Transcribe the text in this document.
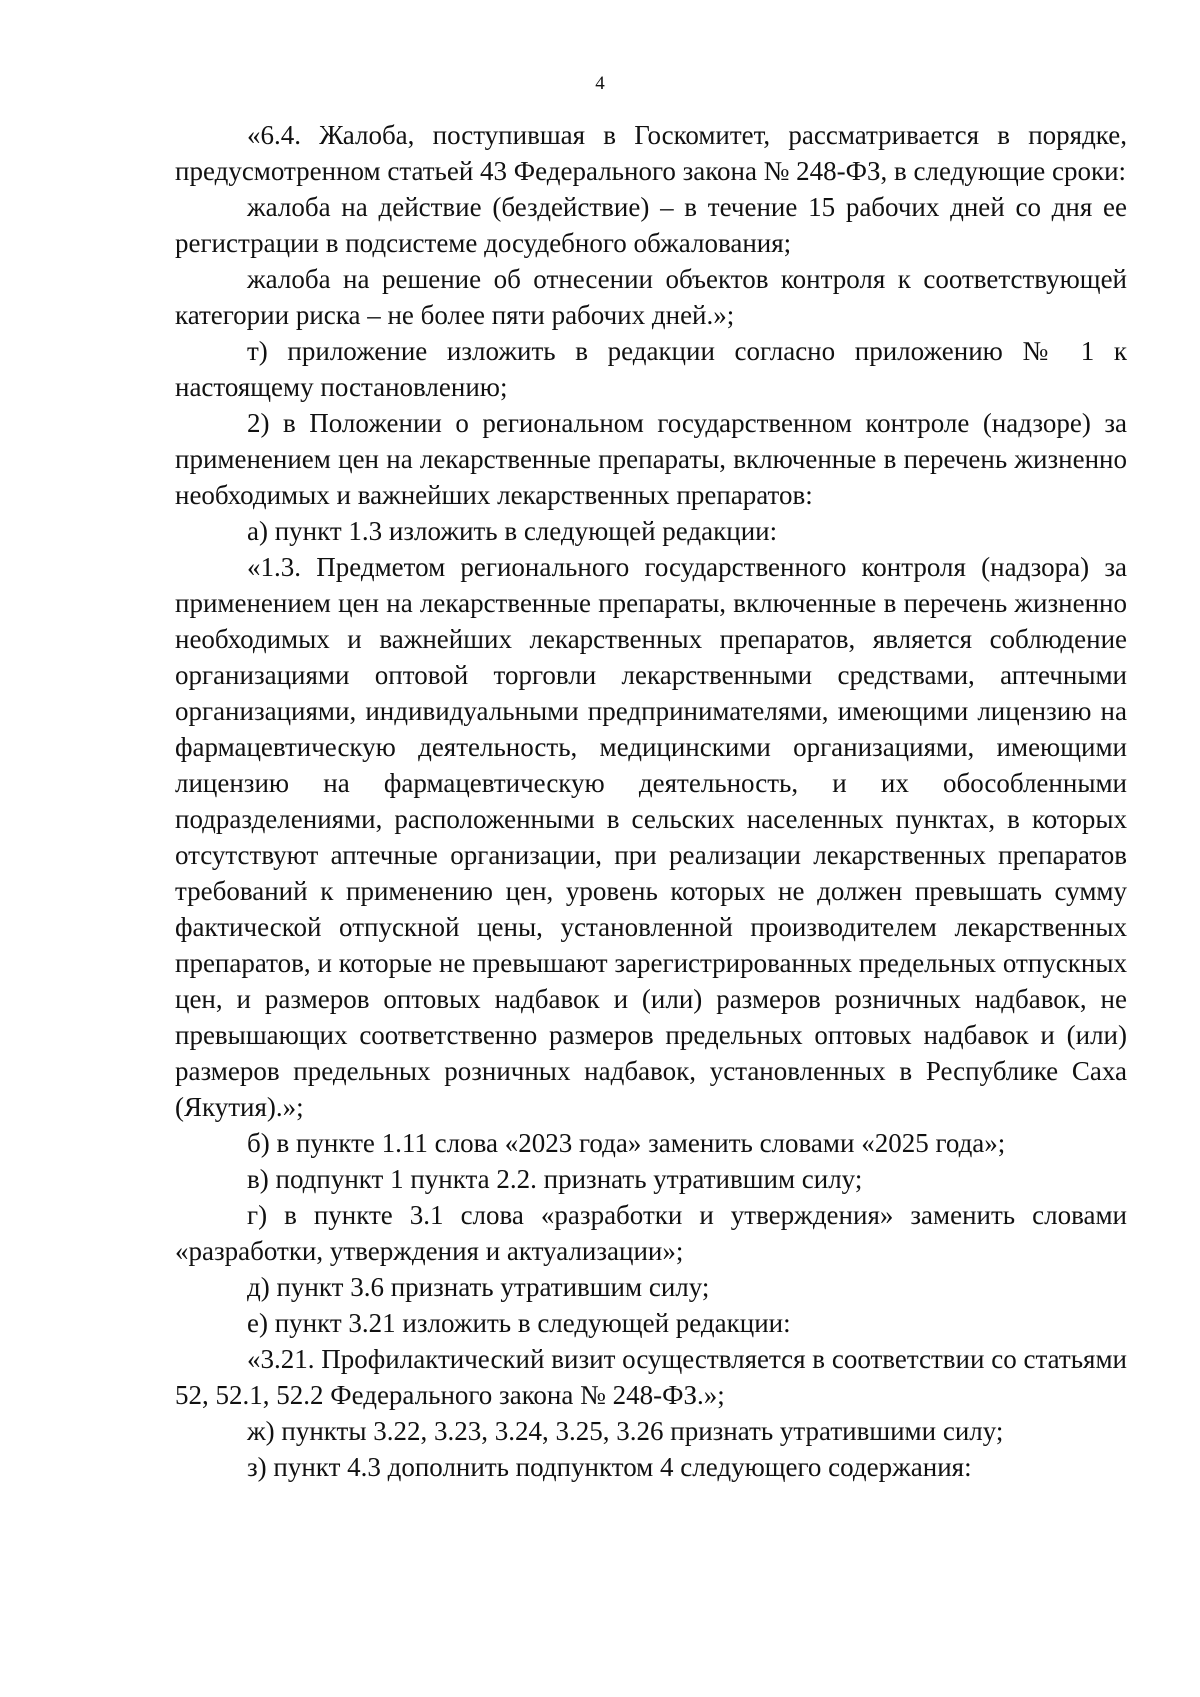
4

«6.4. Жалоба, поступившая в Госкомитет, рассматривается в порядке, предусмотренном статьей 43 Федерального закона № 248-ФЗ, в следующие сроки:

жалоба на действие (бездействие) – в течение 15 рабочих дней со дня ее регистрации в подсистеме досудебного обжалования;

жалоба на решение об отнесении объектов контроля к соответствующей категории риска – не более пяти рабочих дней.»;

т) приложение изложить в редакции согласно приложению № 1 к настоящему постановлению;

2) в Положении о региональном государственном контроле (надзоре) за применением цен на лекарственные препараты, включенные в перечень жизненно необходимых и важнейших лекарственных препаратов:

а) пункт 1.3 изложить в следующей редакции:

«1.3. Предметом регионального государственного контроля (надзора) за применением цен на лекарственные препараты, включенные в перечень жизненно необходимых и важнейших лекарственных препаратов, является соблюдение организациями оптовой торговли лекарственными средствами, аптечными организациями, индивидуальными предпринимателями, имеющими лицензию на фармацевтическую деятельность, медицинскими организациями, имеющими лицензию на фармацевтическую деятельность, и их обособленными подразделениями, расположенными в сельских населенных пунктах, в которых отсутствуют аптечные организации, при реализации лекарственных препаратов требований к применению цен, уровень которых не должен превышать сумму фактической отпускной цены, установленной производителем лекарственных препаратов, и которые не превышают зарегистрированных предельных отпускных цен, и размеров оптовых надбавок и (или) размеров розничных надбавок, не превышающих соответственно размеров предельных оптовых надбавок и (или) размеров предельных розничных надбавок, установленных в Республике Саха (Якутия).»;

б) в пункте 1.11 слова «2023 года» заменить словами «2025 года»;

в) подпункт 1 пункта 2.2. признать утратившим силу;

г) в пункте 3.1 слова «разработки и утверждения» заменить словами «разработки, утверждения и актуализации»;

д) пункт 3.6 признать утратившим силу;

е) пункт 3.21 изложить в следующей редакции:

«3.21. Профилактический визит осуществляется в соответствии со статьями 52, 52.1, 52.2 Федерального закона № 248-ФЗ.»;

ж) пункты 3.22, 3.23, 3.24, 3.25, 3.26 признать утратившими силу;

з) пункт 4.3 дополнить подпунктом 4 следующего содержания:
